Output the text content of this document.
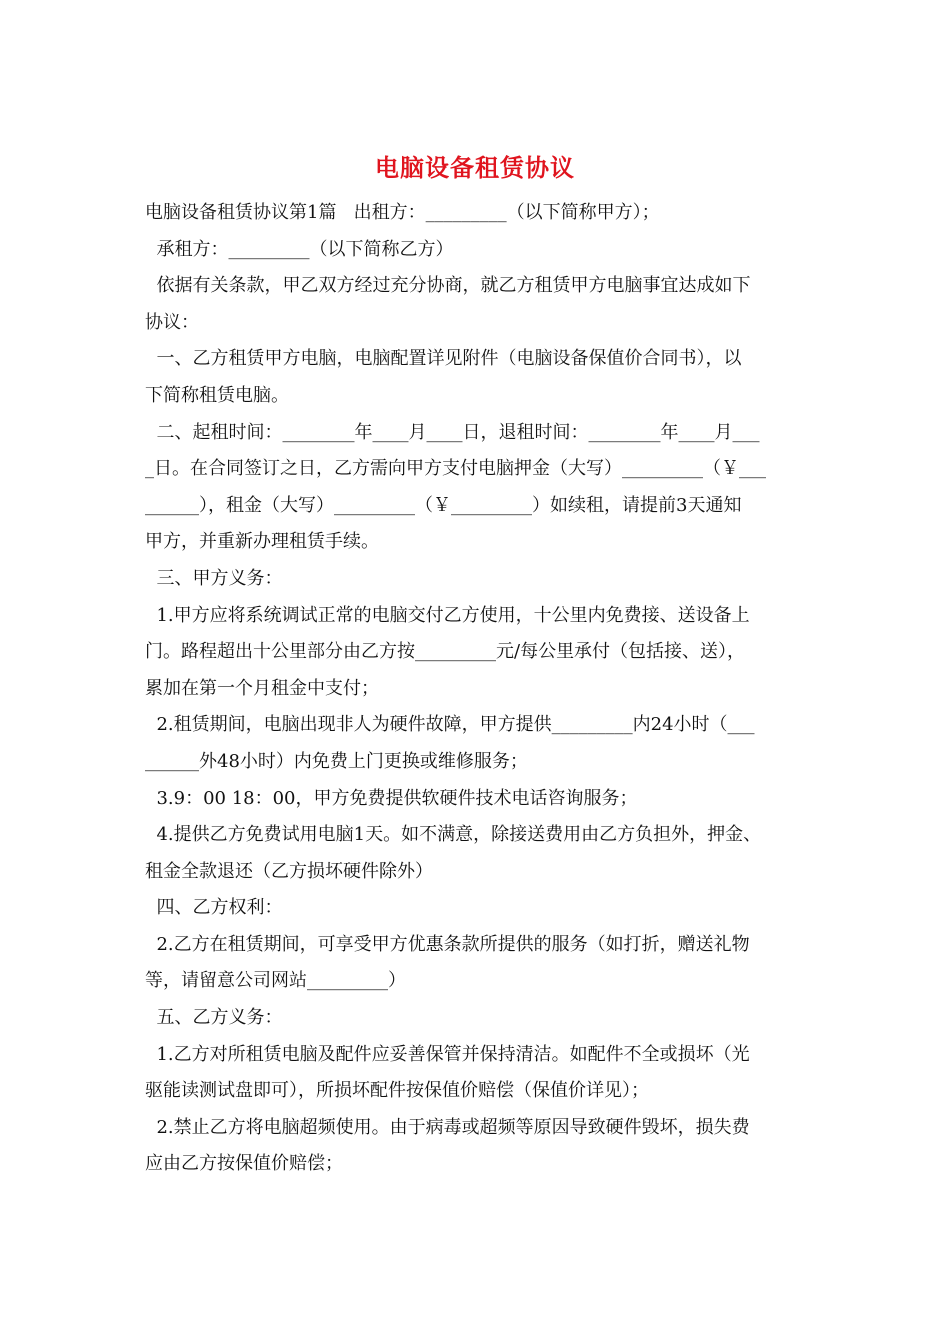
电脑设备租赁协议
电脑设备租赁协议第1篇   出租方：_________（以下简称甲方）；
承租方：_________（以下简称乙方）
依据有关条款，甲乙双方经过充分协商，就乙方租赁甲方电脑事宜达成如下
协议：
一、乙方租赁甲方电脑，电脑配置详见附件（电脑设备保值价合同书），以
下简称租赁电脑。
二、起租时间：________年____月____日，退租时间：________年____月___
_日。在合同签订之日，乙方需向甲方支付电脑押金（大写）_________（￥___
______），租金（大写）_________（￥_________）如续租，请提前3天通知
甲方，并重新办理租赁手续。
三、甲方义务：
1.甲方应将系统调试正常的电脑交付乙方使用，十公里内免费接、送设备上
门。路程超出十公里部分由乙方按_________元/每公里承付（包括接、送），
累加在第一个月租金中支付；
2.租赁期间，电脑出现非人为硬件故障，甲方提供_________内24小时（___
______外48小时）内免费上门更换或维修服务；
3.9：00 18：00，甲方免费提供软硬件技术电话咨询服务；
4.提供乙方免费试用电脑1天。如不满意，除接送费用由乙方负担外，押金、
租金全款退还（乙方损坏硬件除外）
四、乙方权利：
2.乙方在租赁期间，可享受甲方优惠条款所提供的服务（如打折，赠送礼物
等，请留意公司网站_________）
五、乙方义务：
1.乙方对所租赁电脑及配件应妥善保管并保持清洁。如配件不全或损坏（光
驱能读测试盘即可），所损坏配件按保值价赔偿（保值价详见）；
2.禁止乙方将电脑超频使用。由于病毒或超频等原因导致硬件毁坏，损失费
应由乙方按保值价赔偿；
